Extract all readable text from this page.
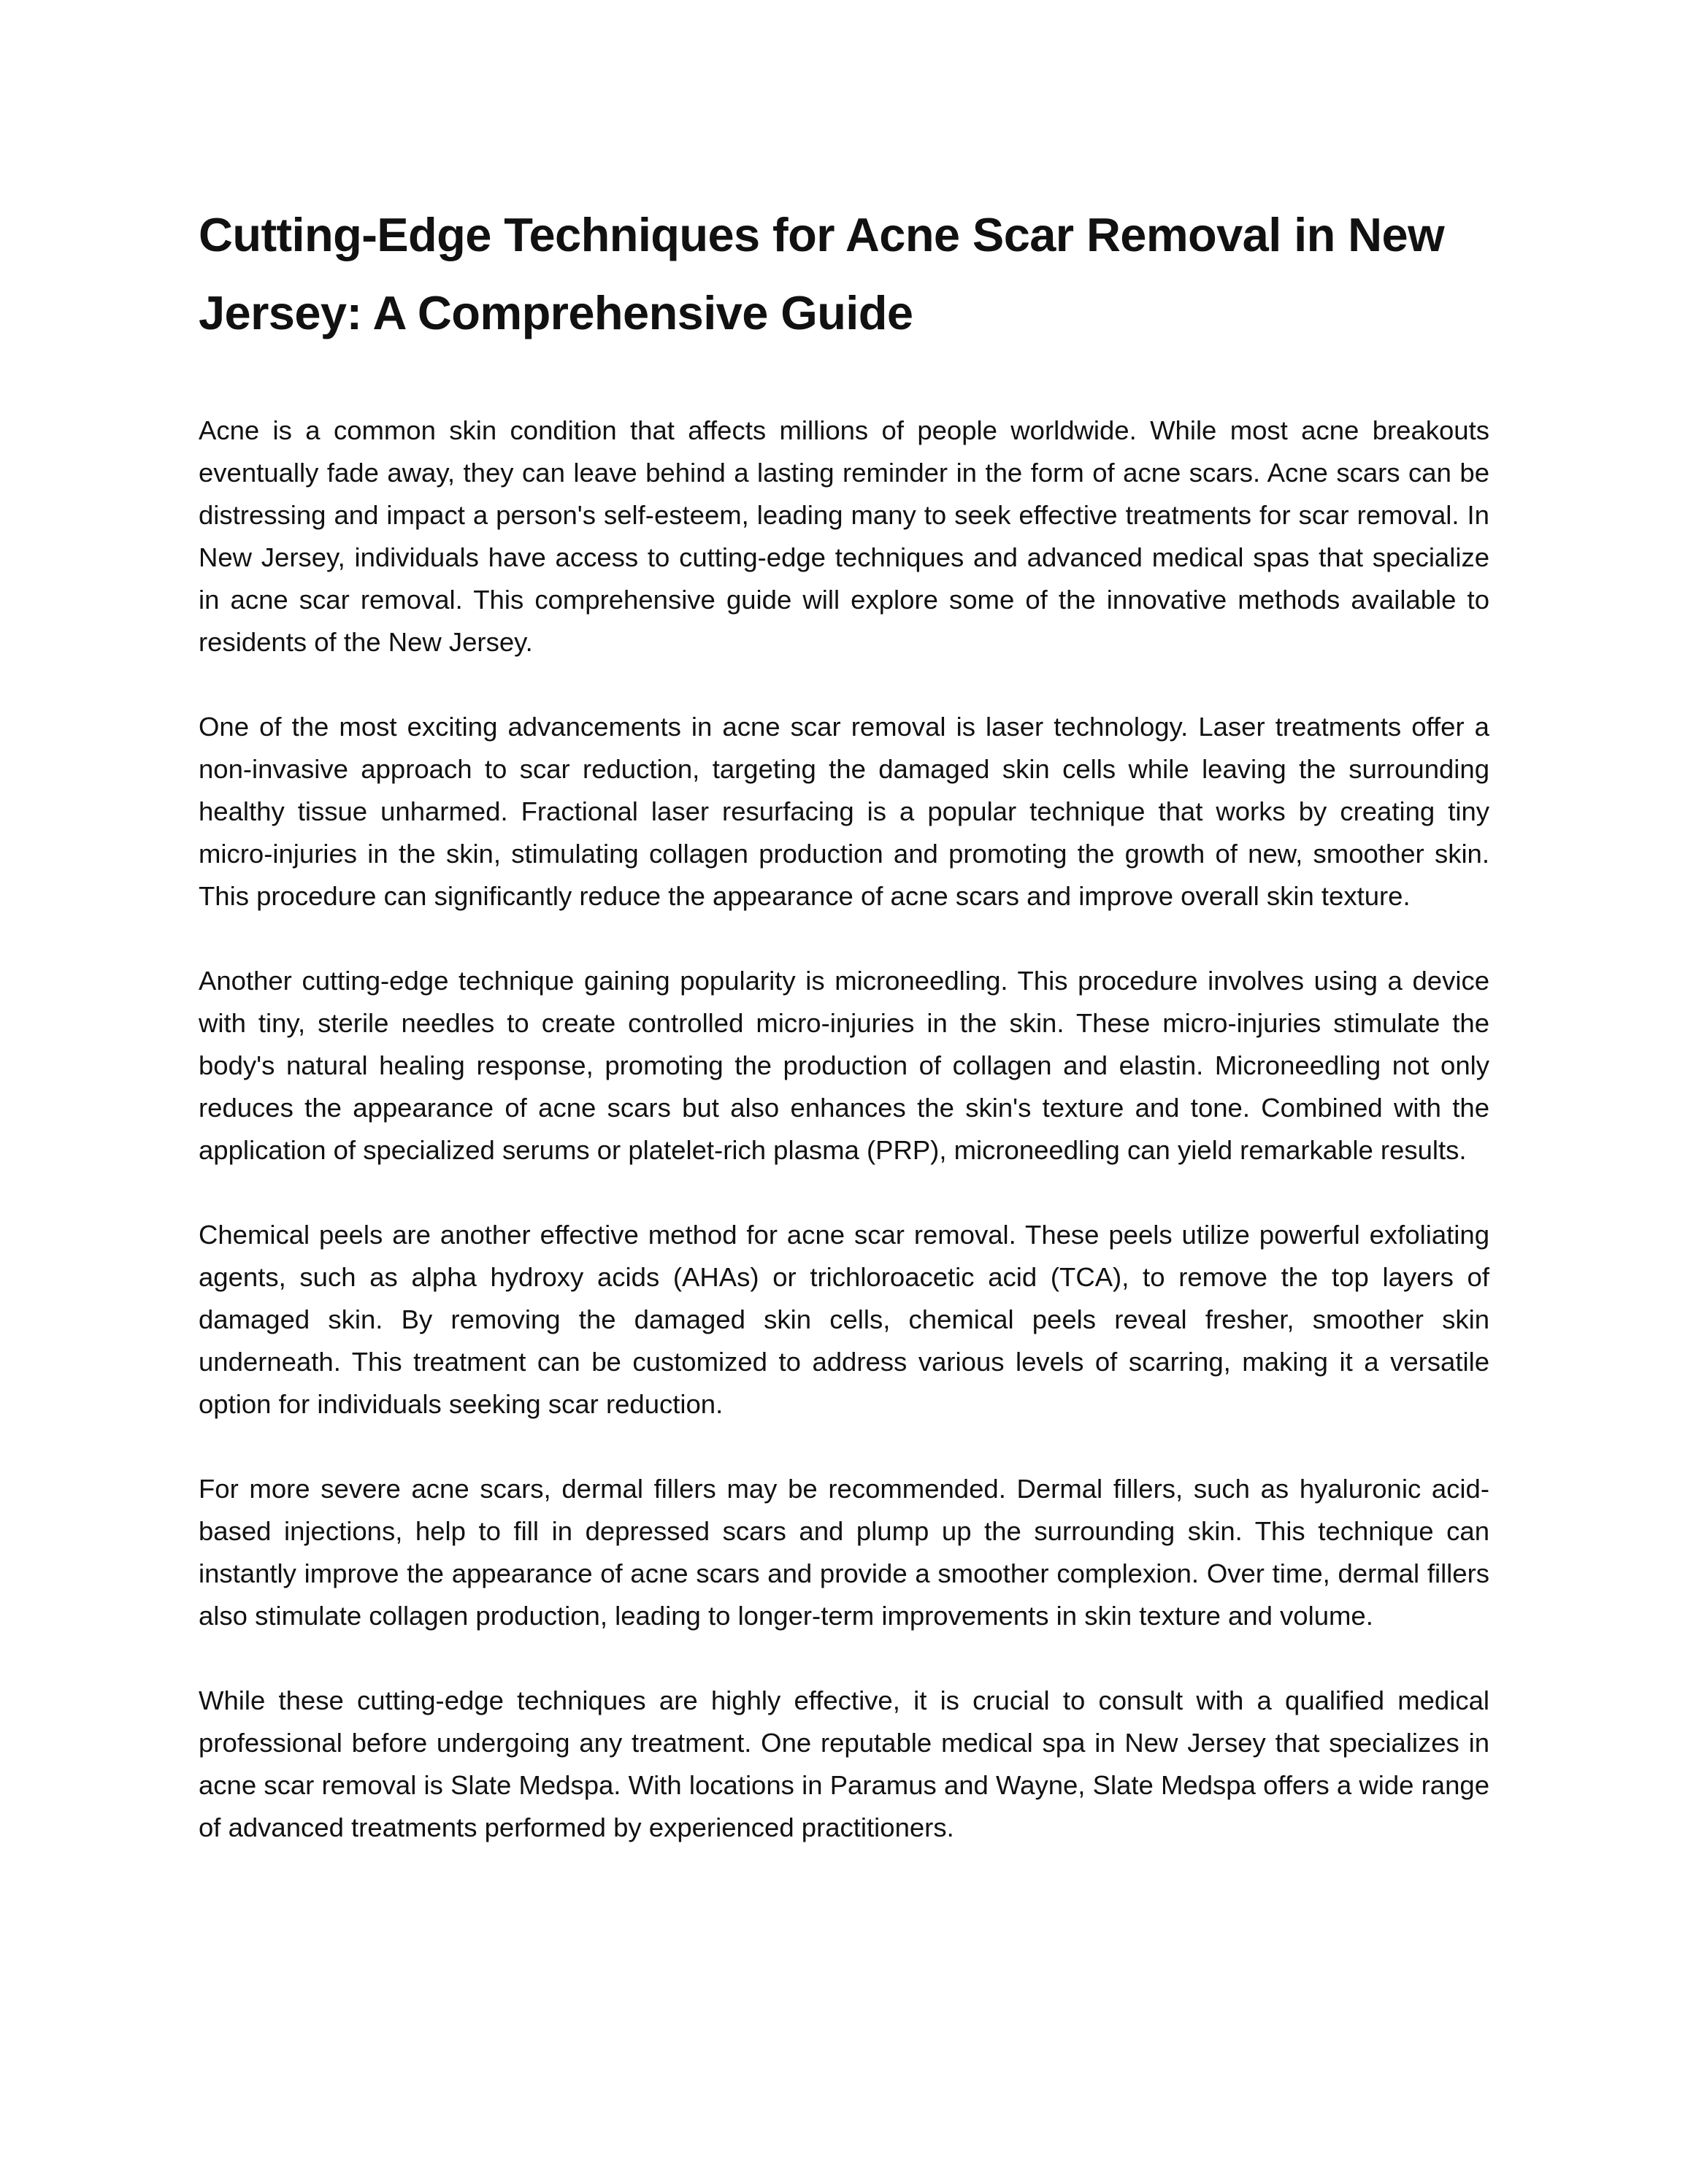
Cutting-Edge Techniques for Acne Scar Removal in New Jersey: A Comprehensive Guide

Acne is a common skin condition that affects millions of people worldwide. While most acne breakouts eventually fade away, they can leave behind a lasting reminder in the form of acne scars. Acne scars can be distressing and impact a person's self-esteem, leading many to seek effective treatments for scar removal. In New Jersey, individuals have access to cutting-edge techniques and advanced medical spas that specialize in acne scar removal. This comprehensive guide will explore some of the innovative methods available to residents of the New Jersey.

One of the most exciting advancements in acne scar removal is laser technology. Laser treatments offer a non-invasive approach to scar reduction, targeting the damaged skin cells while leaving the surrounding healthy tissue unharmed. Fractional laser resurfacing is a popular technique that works by creating tiny micro-injuries in the skin, stimulating collagen production and promoting the growth of new, smoother skin. This procedure can significantly reduce the appearance of acne scars and improve overall skin texture.

Another cutting-edge technique gaining popularity is microneedling. This procedure involves using a device with tiny, sterile needles to create controlled micro-injuries in the skin. These micro-injuries stimulate the body's natural healing response, promoting the production of collagen and elastin. Microneedling not only reduces the appearance of acne scars but also enhances the skin's texture and tone. Combined with the application of specialized serums or platelet-rich plasma (PRP), microneedling can yield remarkable results.

Chemical peels are another effective method for acne scar removal. These peels utilize powerful exfoliating agents, such as alpha hydroxy acids (AHAs) or trichloroacetic acid (TCA), to remove the top layers of damaged skin. By removing the damaged skin cells, chemical peels reveal fresher, smoother skin underneath. This treatment can be customized to address various levels of scarring, making it a versatile option for individuals seeking scar reduction.

For more severe acne scars, dermal fillers may be recommended. Dermal fillers, such as hyaluronic acid-based injections, help to fill in depressed scars and plump up the surrounding skin. This technique can instantly improve the appearance of acne scars and provide a smoother complexion. Over time, dermal fillers also stimulate collagen production, leading to longer-term improvements in skin texture and volume.

While these cutting-edge techniques are highly effective, it is crucial to consult with a qualified medical professional before undergoing any treatment. One reputable medical spa in New Jersey that specializes in acne scar removal is Slate Medspa. With locations in Paramus and Wayne, Slate Medspa offers a wide range of advanced treatments performed by experienced practitioners.
